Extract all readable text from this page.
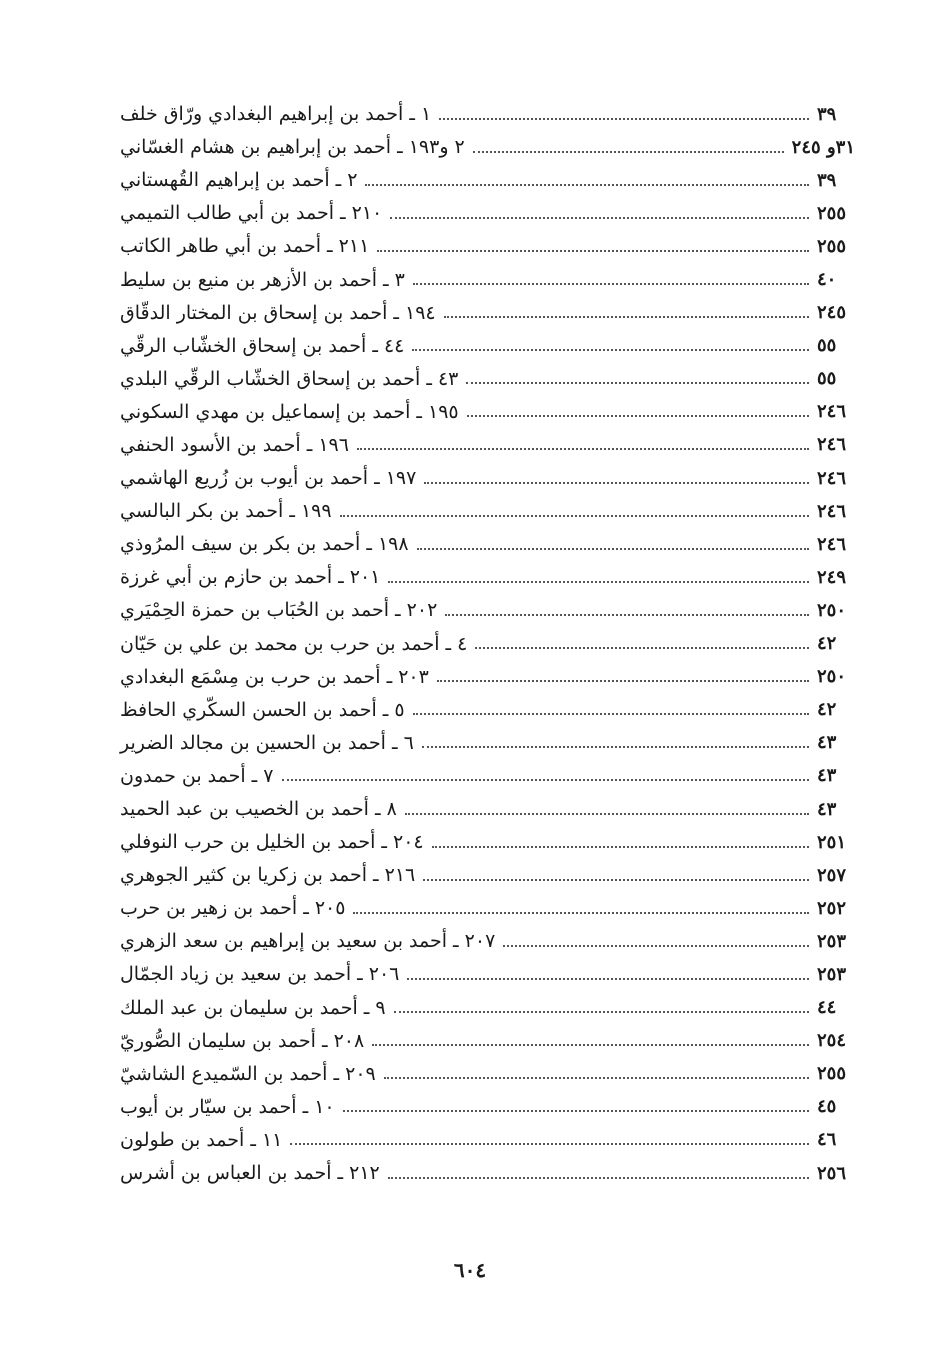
١ ـ أحمد بن إبراهيم البغدادي ورّاق خلف	٣٩
٢ و١٩٣ ـ أحمد بن إبراهيم بن هشام الغسّاني	٣١و ٢٤٥
٢ ـ أحمد بن إبراهيم القُهستاني	٣٩
٢١٠ ـ أحمد بن أبي طالب التميمي	٢٥٥
٢١١ ـ أحمد بن أبي طاهر الكاتب	٢٥٥
٣ ـ أحمد بن الأزهر بن منيع بن سليط	٤٠
١٩٤ ـ أحمد بن إسحاق بن المختار الدقّاق	٢٤٥
٤٤ ـ أحمد بن إسحاق الخشّاب الرقّي	٥٥
٤٣ ـ أحمد بن إسحاق الخشّاب الرقّي البلدي	٥٥
١٩٥ ـ أحمد بن إسماعيل بن مهدي السكوني	٢٤٦
١٩٦ ـ أحمد بن الأسود الحنفي	٢٤٦
١٩٧ ـ أحمد بن أيوب بن زُريع الهاشمي	٢٤٦
١٩٩ ـ أحمد بن بكر البالسي	٢٤٦
١٩٨ ـ أحمد بن بكر بن سيف المرُوذي	٢٤٦
٢٠١ ـ أحمد بن حازم بن أبي غرزة	٢٤٩
٢٠٢ ـ أحمد بن الحُبَاب بن حمزة الحِمْيَري	٢٥٠
٤ ـ أحمد بن حرب بن محمد بن علي بن حَيّان	٤٢
٢٠٣ ـ أحمد بن حرب بن مِسْمَع البغدادي	٢٥٠
٥ ـ أحمد بن الحسن السكّري الحافظ	٤٢
٦ ـ أحمد بن الحسين بن مجالد الضرير	٤٣
٧ ـ أحمد بن حمدون	٤٣
٨ ـ أحمد بن الخصيب بن عبد الحميد	٤٣
٢٠٤ ـ أحمد بن الخليل بن حرب النوفلي	٢٥١
٢١٦ ـ أحمد بن زكريا بن كثير الجوهري	٢٥٧
٢٠٥ ـ أحمد بن زهير بن حرب	٢٥٢
٢٠٧ ـ أحمد بن سعيد بن إبراهيم بن سعد الزهري	٢٥٣
٢٠٦ ـ أحمد بن سعيد بن زياد الجمّال	٢٥٣
٩ ـ أحمد بن سليمان بن عبد الملك	٤٤
٢٠٨ ـ أحمد بن سليمان الصُّوريّ	٢٥٤
٢٠٩ ـ أحمد بن السّميدع الشاشيّ	٢٥٥
١٠ ـ أحمد بن سيّار بن أيوب	٤٥
١١ ـ أحمد بن طولون	٤٦
٢١٢ ـ أحمد بن العباس بن أشرس	٢٥٦
٦٠٤
